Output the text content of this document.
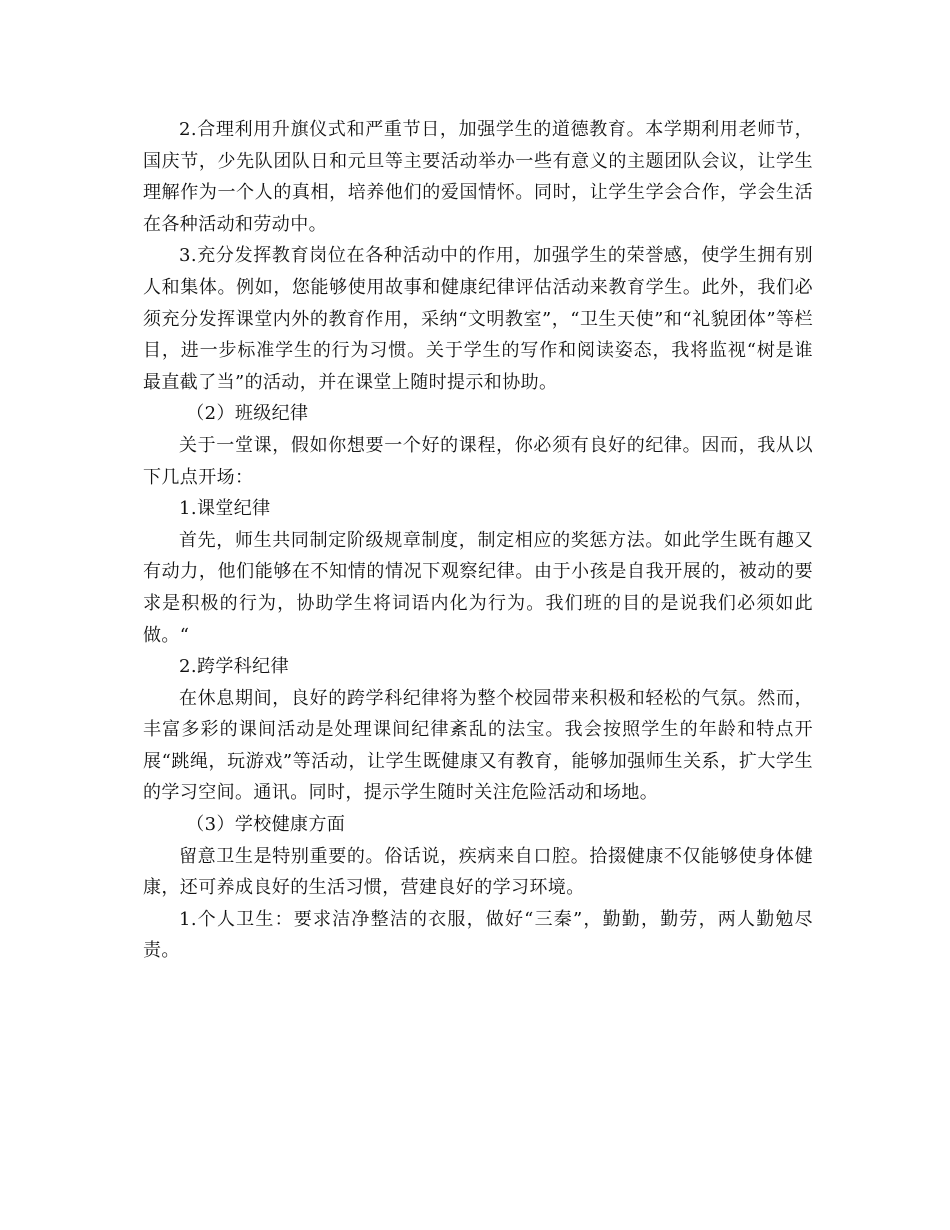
2.合理利用升旗仪式和严重节日，加强学生的道德教育。本学期利用老师节，国庆节，少先队团队日和元旦等主要活动举办一些有意义的主题团队会议，让学生理解作为一个人的真相，培养他们的爱国情怀。同时，让学生学会合作，学会生活在各种活动和劳动中。

3.充分发挥教育岗位在各种活动中的作用，加强学生的荣誉感，使学生拥有别人和集体。例如，您能够使用故事和健康纪律评估活动来教育学生。此外，我们必须充分发挥课堂内外的教育作用，采纳“文明教室”，“卫生天使”和“礼貌团体”等栏目，进一步标准学生的行为习惯。关于学生的写作和阅读姿态，我将监视“树是谁最直截了当”的活动，并在课堂上随时提示和协助。

（2）班级纪律

关于一堂课，假如你想要一个好的课程，你必须有良好的纪律。因而，我从以下几点开场：

1.课堂纪律

首先，师生共同制定阶级规章制度，制定相应的奖惩方法。如此学生既有趣又有动力，他们能够在不知情的情况下观察纪律。由于小孩是自我开展的，被动的要求是积极的行为，协助学生将词语内化为行为。我们班的目的是说我们必须如此做。“

2.跨学科纪律

在休息期间，良好的跨学科纪律将为整个校园带来积极和轻松的气氛。然而，丰富多彩的课间活动是处理课间纪律紊乱的法宝。我会按照学生的年龄和特点开展“跳绳，玩游戏”等活动，让学生既健康又有教育，能够加强师生关系，扩大学生的学习空间。通讯。同时，提示学生随时关注危险活动和场地。

（3）学校健康方面

留意卫生是特别重要的。俗话说，疾病来自口腔。拾掇健康不仅能够使身体健康，还可养成良好的生活习惯，营建良好的学习环境。

1.个人卫生：要求洁净整洁的衣服，做好“三秦”，勤勤，勤劳，两人勤勉尽责。
